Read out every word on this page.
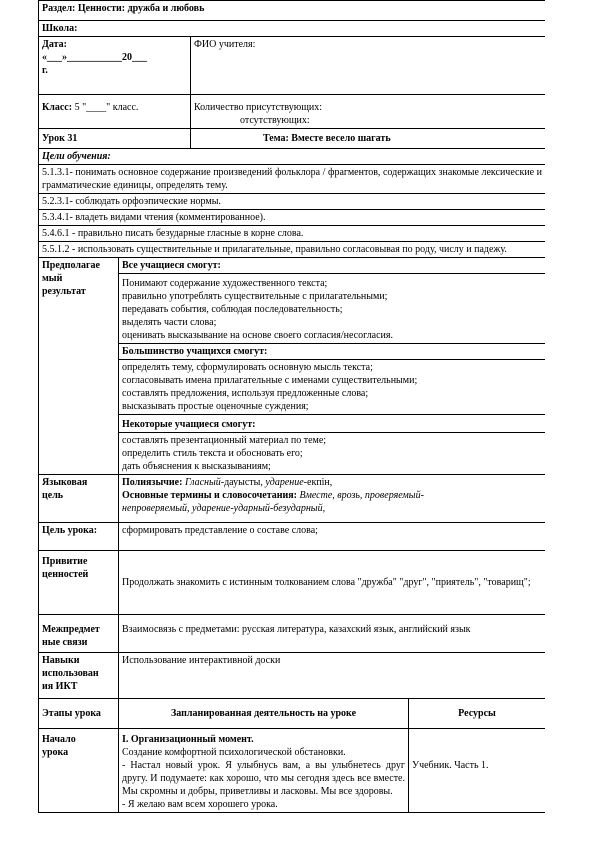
Раздел: Ценности: дружба и любовь			
Школа:			

Дата:
«___»___________20___
г.		ФИО учителя:	
Класс: 5 "____" класс.		Количество присутствующих:
отсутствующих:	

Урок 31		Тема: Вместе весело шагать	
Цели обучения:			
5.1.3.1- понимать основное содержание произведений фольклора / фрагментов, содержащих знакомые лексические и грамматические единицы, определять тему.			
5.2.3.1- соблюдать орфоэпические нормы.			
5.3.4.1- владеть видами чтения (комментированное).			
5.4.6.1 - правильно писать безударные гласные в корне слова.			
5.5.1.2 - использовать существительные и прилагательные, правильно согласовывая по роду, числу и падежу.			

Предполагае
мый
результат	Все учащиеся смогут:		

	Понимают содержание художественного текста;
правильно употреблять существительные с прилагательными;
передавать события, соблюдая последовательность;
выделять части слова;
оценивать высказывание на основе своего согласия/несогласия.		

	Большинство учащихся смогут:		

	определять тему, сформулировать основную мысль текста;
согласовывать имена прилагательные с именами существительными;
составлять предложения, используя предложенные слова;
высказывать простые оценочные суждения;		

	Некоторые учащиеся смогут:		

	составлять презентационный материал по теме;
определить стиль текста и обосновать его;
дать объяснения к высказываниям;		

Языковая
цель	Полиязычие: Гласный-дауысты, ударение-екпін,
Основные термины и словосочетания: Вместе, врозь, проверяемый-
непроверяемый, ударение-ударный-безударный,		

Цель урока:	сформировать представление о составе слова;		

Привитие
ценностей	Продолжать знакомить с истинным толкованием слова "дружба" "друг", "приятель", "товарищ";		

Межпредмет
ные связи	Взаимосвязь с предметами: русская литература, казахский язык, английский язык		

Навыки
использован
ия ИКТ	Использование интерактивной доски		
Этапы урока	Запланированная деятельность на уроке		Ресурсы

Начало
урока	I. Организационный момент.
Создание комфортной психологической обстановки.
- Настал новый урок. Я улыбнусь вам, а вы улыбнетесь друг другу. И подумаете: как хорошо, что мы сегодня здесь все вместе. Мы скромны и добры, приветливы и ласковы. Мы все здоровы.
- Я желаю вам всем хорошего урока.		Учебник. Часть 1.
